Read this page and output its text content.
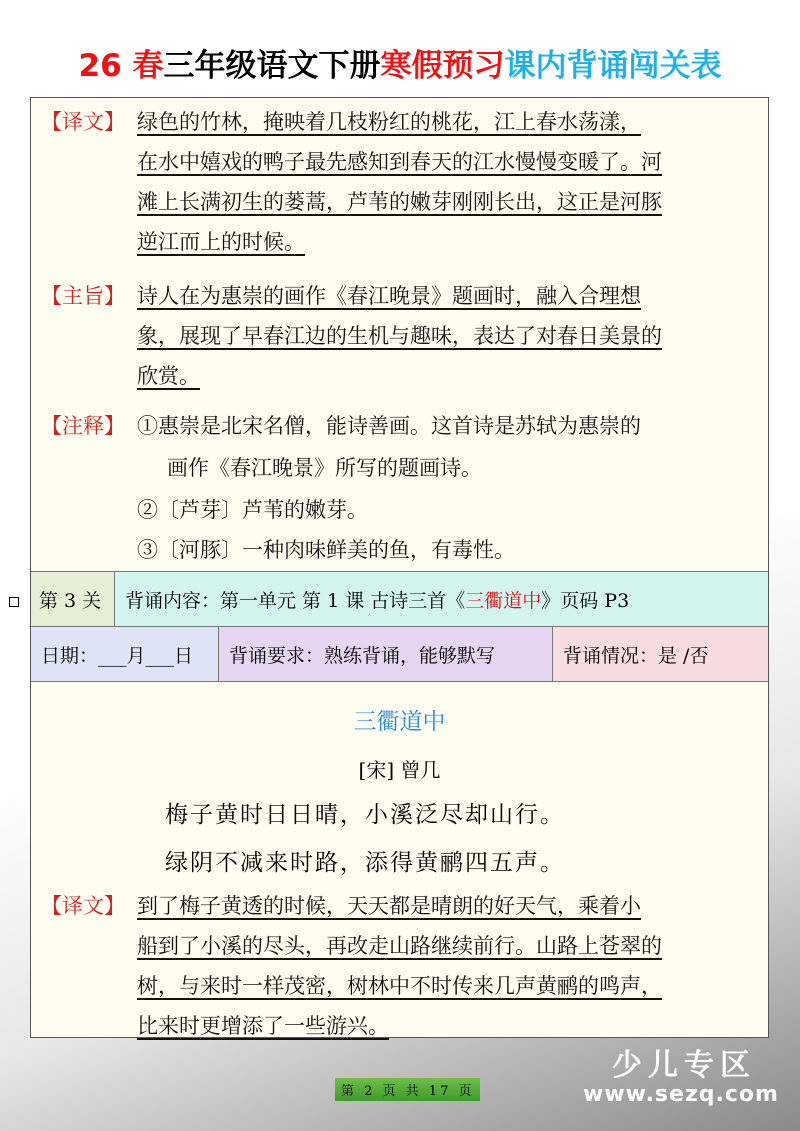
26 春三年级语文下册寒假预习课内背诵闯关表
【译文】 绿色的竹林，掩映着几枝粉红的桃花，江上春水荡漾，
在水中嬉戏的鸭子最先感知到春天的江水慢慢变暖了。河
滩上长满初生的蒌蒿，芦苇的嫩芽刚刚长出，这正是河豚
逆江而上的时候。
【主旨】 诗人在为惠崇的画作《春江晚景》题画时，融入合理想
象，展现了早春江边的生机与趣味，表达了对春日美景的
欣赏。
【注释】 ①惠崇是北宋名僧，能诗善画。这首诗是苏轼为惠崇的
画作《春江晚景》所写的题画诗。
②〔芦芽〕芦苇的嫩芽。
③〔河豚〕一种肉味鲜美的鱼，有毒性。
第 3 关	背诵内容：第一单元 第 1 课 古诗三首《 三衢道中 》页码 P3
日期：___月___日	背诵要求：熟练背诵，能够默写	背诵情况：是 /否
三衢道中
[宋] 曾几
梅子黄时日日晴，小溪泛尽却山行。
绿阴不减来时路，添得黄鹂四五声。
【译文】 到了梅子黄透的时候，天天都是晴朗的好天气，乘着小
船到了小溪的尽头，再改走山路继续前行。山路上苍翠的
树，与来时一样茂密，树林中不时传来几声黄鹂的鸣声，
比来时更增添了一些游兴。
第 2 页 共 17 页
少儿专区
www.sezq.com
